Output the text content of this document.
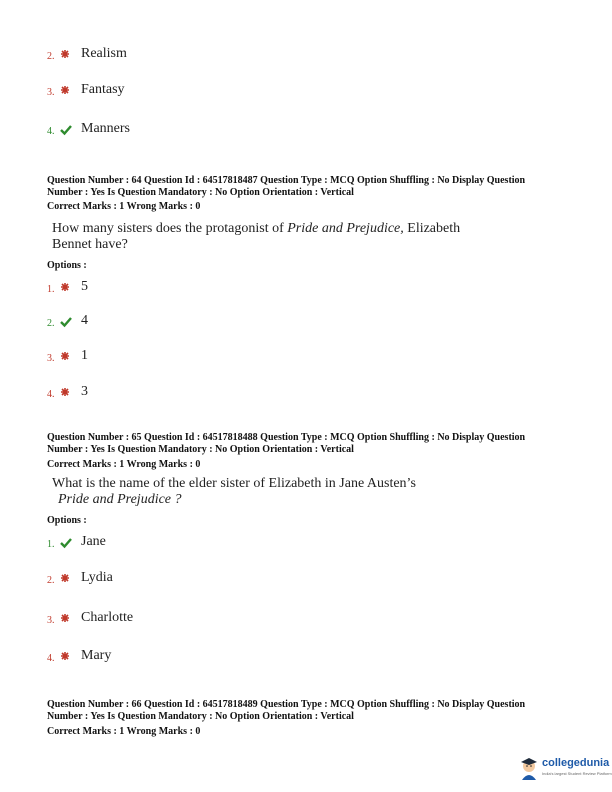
2.	Realism
3.	Fantasy
4.	Manners
Question Number : 64 Question Id : 64517818487 Question Type : MCQ Option Shuffling : No Display Question
Number : Yes Is Question Mandatory : No Option Orientation : Vertical
Correct Marks : 1 Wrong Marks : 0
How many sisters does the protagonist of Pride and Prejudice, Elizabeth Bennet have?
Options :
1.	5
2.	4
3.	1
4.	3
Question Number : 65 Question Id : 64517818488 Question Type : MCQ Option Shuffling : No Display Question
Number : Yes Is Question Mandatory : No Option Orientation : Vertical
Correct Marks : 1 Wrong Marks : 0
What is the name of the elder sister of Elizabeth in Jane Austen’s
Pride and Prejudice ?
Options :
1.	Jane
2.	Lydia
3.	Charlotte
4.	Mary
Question Number : 66 Question Id : 64517818489 Question Type : MCQ Option Shuffling : No Display Question
Number : Yes Is Question Mandatory : No Option Orientation : Vertical
Correct Marks : 1 Wrong Marks : 0
collegedunia
India's largest Student Review Platform
